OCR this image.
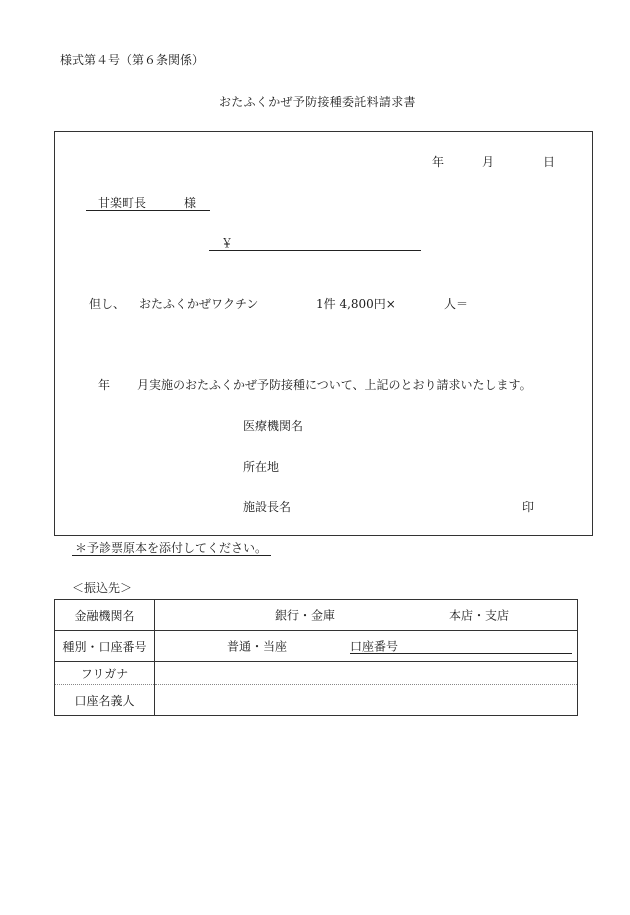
様式第４号（第６条関係）
おたふくかぜ予防接種委託料請求書
年	月	日
甘楽町長	様
￥
但し、 おたふくかぜワクチン	1件 4,800円×	人＝
年 月実施のおたふくかぜ予防接種について、上記のとおり請求いたします。
医療機関名
所在地
施設長名	印
＊予診票原本を添付してください。
＜振込先＞
金融機関名	銀行・金庫 本店・支店

種別・口座番号	普通・当座 口座番号

フリガナ	
口座名義人	
